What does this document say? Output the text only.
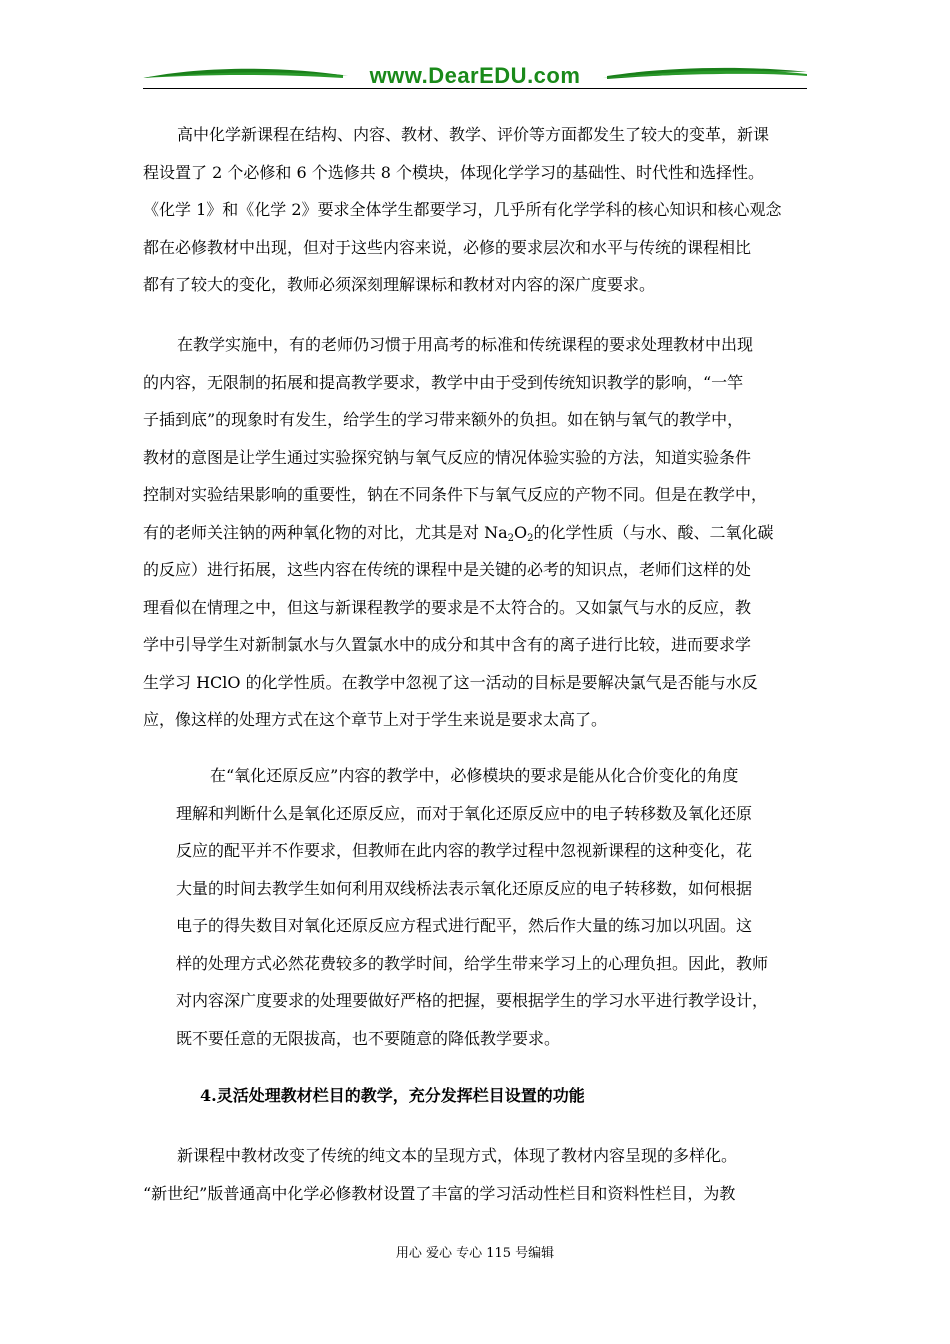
www.DearEDU.com
高中化学新课程在结构、内容、教材、教学、评价等方面都发生了较大的变革，新课
程设置了 2 个必修和 6 个选修共 8 个模块，体现化学学习的基础性、时代性和选择性。
《化学 1》和《化学 2》要求全体学生都要学习，几乎所有化学学科的核心知识和核心观念
都在必修教材中出现，但对于这些内容来说，必修的要求层次和水平与传统的课程相比
都有了较大的变化，教师必须深刻理解课标和教材对内容的深广度要求。
在教学实施中，有的老师仍习惯于用高考的标准和传统课程的要求处理教材中出现
的内容，无限制的拓展和提高教学要求，教学中由于受到传统知识教学的影响，“一竿
子插到底”的现象时有发生，给学生的学习带来额外的负担。如在钠与氧气的教学中，
教材的意图是让学生通过实验探究钠与氧气反应的情况体验实验的方法，知道实验条件
控制对实验结果影响的重要性，钠在不同条件下与氧气反应的产物不同。但是在教学中，
有的老师关注钠的两种氧化物的对比，尤其是对 $Na_2O_2$的化学性质（与水、酸、二氧化碳
的反应）进行拓展，这些内容在传统的课程中是关键的必考的知识点，老师们这样的处
理看似在情理之中，但这与新课程教学的要求是不太符合的。又如氯气与水的反应，教
学中引导学生对新制氯水与久置氯水中的成分和其中含有的离子进行比较，进而要求学
生学习 HClO 的化学性质。在教学中忽视了这一活动的目标是要解决氯气是否能与水反
应，像这样的处理方式在这个章节上对于学生来说是要求太高了。
在“氧化还原反应”内容的教学中，必修模块的要求是能从化合价变化的角度
理解和判断什么是氧化还原反应，而对于氧化还原反应中的电子转移数及氧化还原
反应的配平并不作要求，但教师在此内容的教学过程中忽视新课程的这种变化，花
大量的时间去教学生如何利用双线桥法表示氧化还原反应的电子转移数，如何根据
电子的得失数目对氧化还原反应方程式进行配平，然后作大量的练习加以巩固。这
样的处理方式必然花费较多的教学时间，给学生带来学习上的心理负担。因此，教师
对内容深广度要求的处理要做好严格的把握，要根据学生的学习水平进行教学设计，
既不要任意的无限拔高，也不要随意的降低教学要求。
4.灵活处理教材栏目的教学，充分发挥栏目设置的功能
新课程中教材改变了传统的纯文本的呈现方式，体现了教材内容呈现的多样化。
“新世纪”版普通高中化学必修教材设置了丰富的学习活动性栏目和资料性栏目，为教
用心 爱心 专心 115 号编辑
